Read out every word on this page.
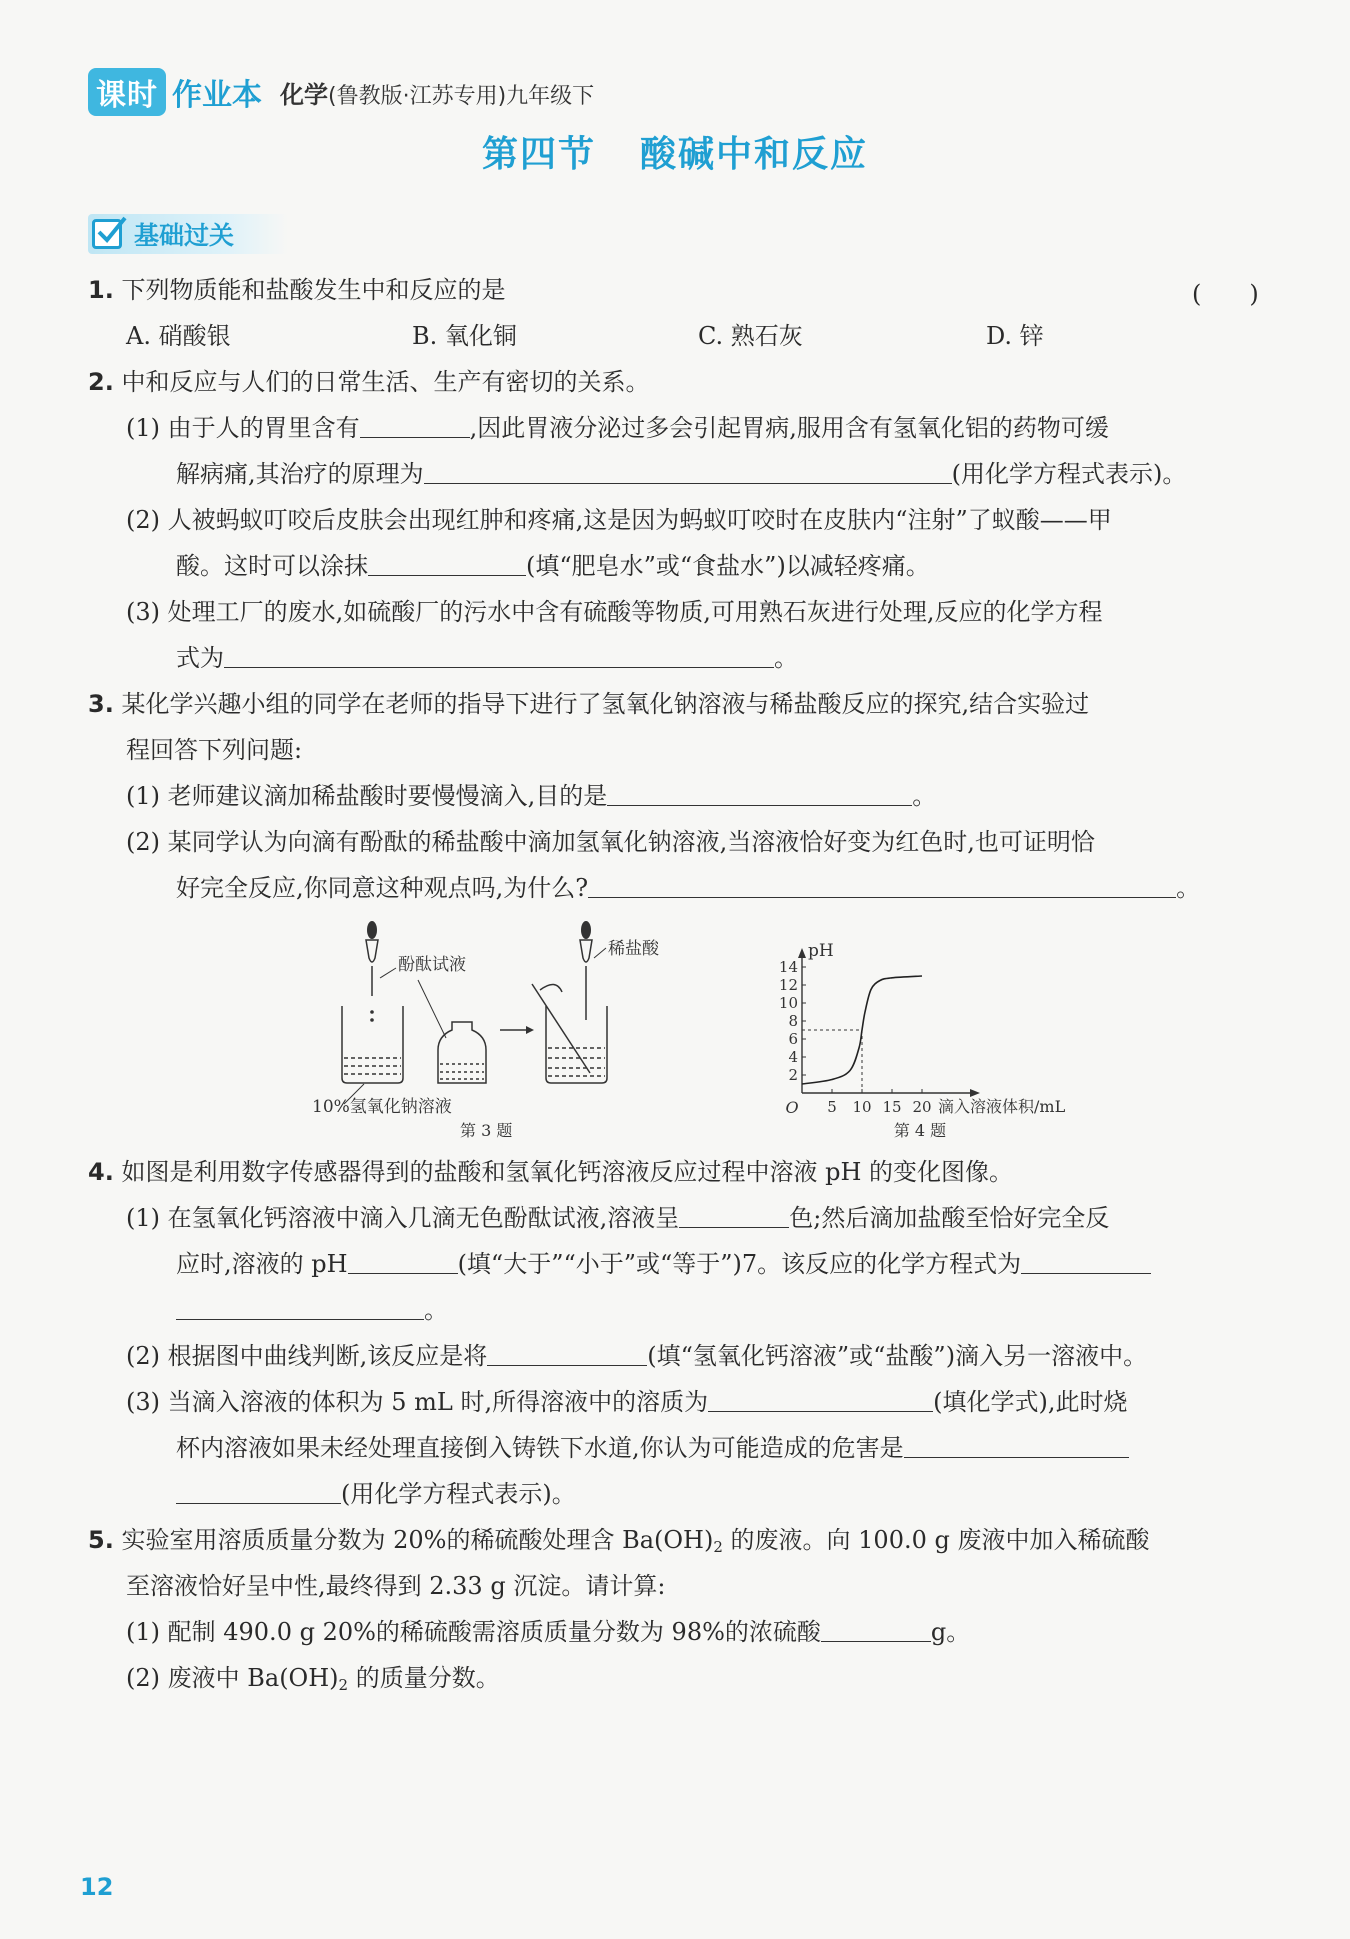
课时 作业本 化学(鲁教版·江苏专用)九年级下
第四节 酸碱中和反应
基础过关
1. 下列物质能和盐酸发生中和反应的是	(　　)
A. 硝酸银	B. 氧化铜	C. 熟石灰	D. 锌
2. 中和反应与人们的日常生活、生产有密切的关系。
(1) 由于人的胃里含有	,因此胃液分泌过多会引起胃病,服用含有氢氧化铝的药物可缓
解病痛,其治疗的原理为	(用化学方程式表示)。
(2) 人被蚂蚁叮咬后皮肤会出现红肿和疼痛,这是因为蚂蚁叮咬时在皮肤内“注射”了蚁酸——甲
酸。这时可以涂抹	(填“肥皂水”或“食盐水”)以减轻疼痛。
(3) 处理工厂的废水,如硫酸厂的污水中含有硫酸等物质,可用熟石灰进行处理,反应的化学方程
式为	。
3. 某化学兴趣小组的同学在老师的指导下进行了氢氧化钠溶液与稀盐酸反应的探究,结合实验过
程回答下列问题:
(1) 老师建议滴加稀盐酸时要慢慢滴入,目的是	。
(2) 某同学认为向滴有酚酞的稀盐酸中滴加氢氧化钠溶液,当溶液恰好变为红色时,也可证明恰
好完全反应,你同意这种观点吗,为什么?	。
酚酞试液
稀盐酸
10%氢氧化钠溶液
第 3 题
pH
2
4
6
8
10
12
14
5 10 15 20
O	滴入溶液体积/mL
第 4 题
4. 如图是利用数字传感器得到的盐酸和氢氧化钙溶液反应过程中溶液 pH 的变化图像。
(1) 在氢氧化钙溶液中滴入几滴无色酚酞试液,溶液呈	色;然后滴加盐酸至恰好完全反
应时,溶液的 pH	(填“大于”“小于”或“等于”)7。该反应的化学方程式为
。
(2) 根据图中曲线判断,该反应是将	(填“氢氧化钙溶液”或“盐酸”)滴入另一溶液中。
(3) 当滴入溶液的体积为 5 mL 时,所得溶液中的溶质为	(填化学式),此时烧
杯内溶液如果未经处理直接倒入铸铁下水道,你认为可能造成的危害是
(用化学方程式表示)。
5. 实验室用溶质质量分数为 20%的稀硫酸处理含 $Ba(OH)_2$ 的废液。向 100.0 g 废液中加入稀硫酸
至溶液恰好呈中性,最终得到 2.33 g 沉淀。请计算:
(1) 配制 490.0 g 20%的稀硫酸需溶质质量分数为 98%的浓硫酸	g。
(2) 废液中 $Ba(OH)_2$ 的质量分数。
12
